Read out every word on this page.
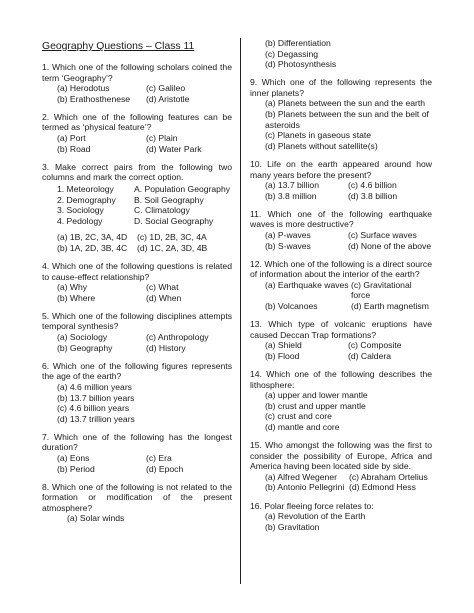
Geography Questions – Class 11
1. Which one of the following scholars coined the term ‘Geography’?
(a) Herodotus	(c) Galileo
(b) Erathosthenese	(d) Aristotle
2. Which one of the following features can be termed as ‘physical feature’?
(a) Port	(c) Plain
(b) Road	(d) Water Park
3. Make correct pairs from the following two columns and mark the correct option.
1. Meteorology	A. Population Geography
2. Demography	B. Soil Geography
3. Sociology	C. Climatology
4. Pedology	D. Social Geography
(a) 1B, 2C, 3A, 4D	(c) 1D, 2B, 3C, 4A
(b) 1A, 2D, 3B, 4C	(d) 1C, 2A, 3D, 4B
4. Which one of the following questions is related to cause-effect relationship?
(a) Why	(c) What
(b) Where	(d) When
5. Which one of the following disciplines attempts temporal synthesis?
(a) Sociology	(c) Anthropology
(b) Geography	(d) History
6. Which one of the following figures represents the age of the earth?
(a) 4.6 million years
(b) 13.7 billion years
(c) 4.6 billion years
(d) 13.7 trillion years
7. Which one of the following has the longest duration?
(a) Eons	(c) Era
(b) Period	(d) Epoch
8. Which one of the following is not related to the formation or modification of the present atmosphere?
(a) Solar winds
(b) Differentiation
(c) Degassing
(d) Photosynthesis
9. Which one of the following represents the inner planets?
(a) Planets between the sun and the earth
(b) Planets between the sun and the belt of
asteroids
(c) Planets in gaseous state
(d) Planets without satellite(s)
10. Life on the earth appeared around how many years before the present?
(a) 13.7 billion	(c) 4.6 billion
(b) 3.8 million	(d) 3.8 billion
11. Which one of the following earthquake waves is more destructive?
(a) P-waves	(c) Surface waves
(b) S-waves	(d) None of the above
12. Which one of the following is a direct source of information about the interior of the earth?
(a) Earthquake waves (c) Gravitational force
(b) Volcanoes	(d) Earth magnetism
13. Which type of volcanic eruptions have caused Deccan Trap formations?
(a) Shield	(c) Composite
(b) Flood	(d) Caldera
14. Which one of the following describes the lithosphere:
(a) upper and lower mantle
(b) crust and upper mantle
(c) crust and core
(d) mantle and core
15. Who amongst the following was the first to consider the possibility of Europe, Africa and America having been located side by side.
(a) Alfred Wegener	(c) Abraham Ortelius
(b) Antonio Pellegrini (d) Edmond Hess
16. Polar fleeing force relates to:
(a) Revolution of the Earth
(b) Gravitation
